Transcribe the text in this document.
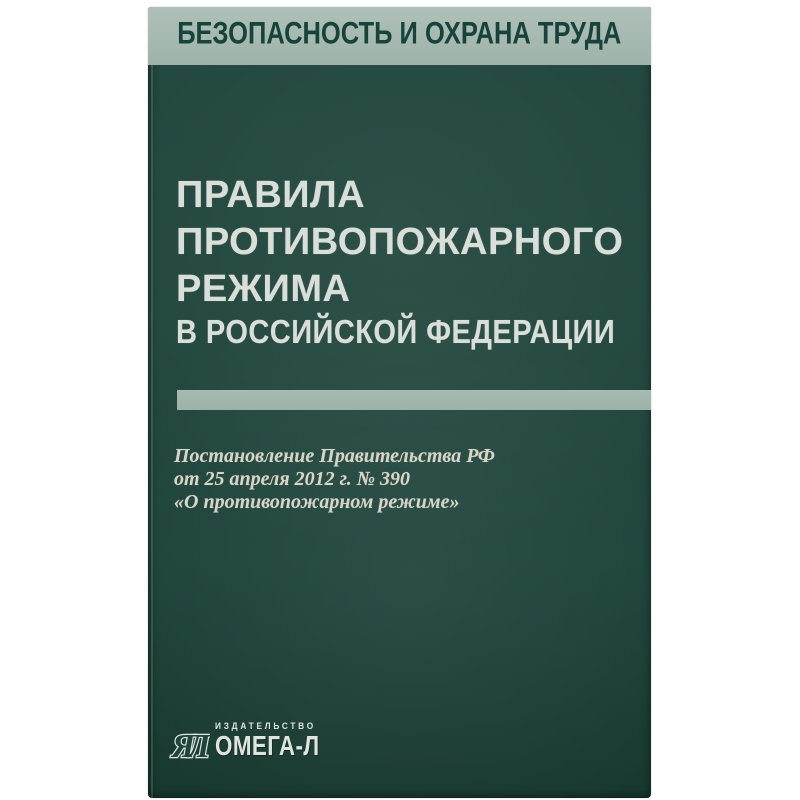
БЕЗОПАСНОСТЬ И ОХРАНА ТРУДА
ПРАВИЛА
ПРОТИВОПОЖАРНОГО
РЕЖИМА
В РОССИЙСКОЙ ФЕДЕРАЦИИ
Постановление Правительства РФ
от 25 апреля 2012 г. № 390
«О противопожарном режиме»
ЯЛ
ИЗДАТЕЛЬСТВО
ОМЕГА-Л
